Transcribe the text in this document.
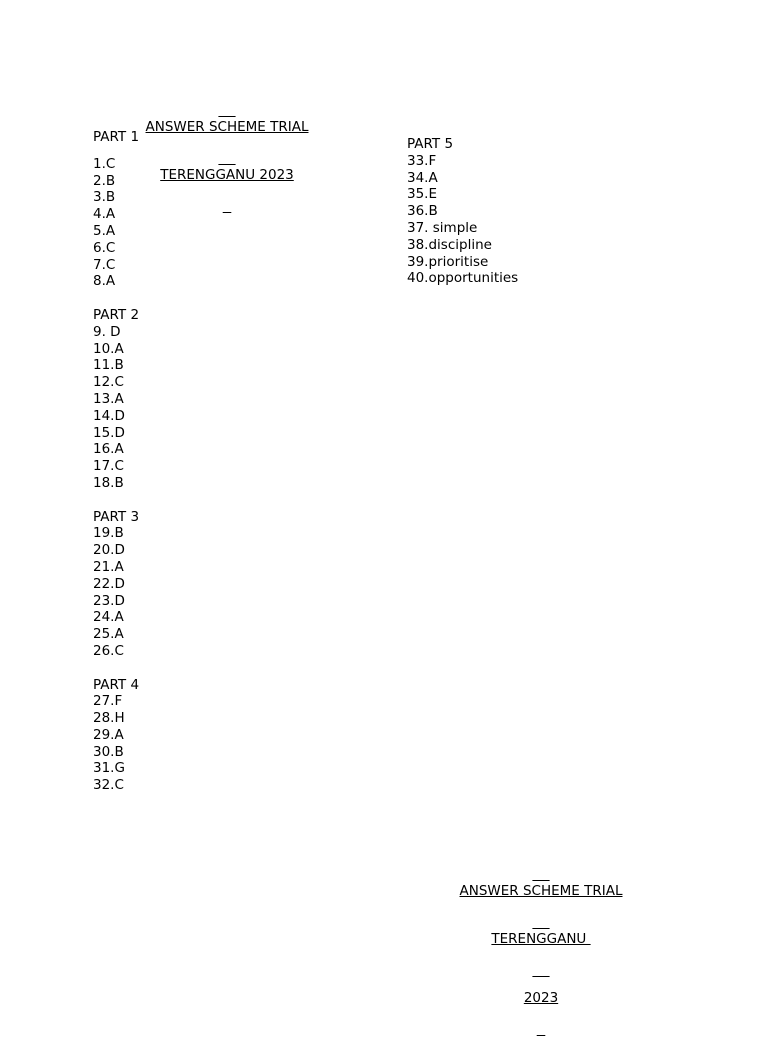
ANSWER SCHEME TRIAL

TERENGGANU 2023

PART 1
1.C
2.B
3.B
4.A
5.A
6.C
7.C
8.A
PART 2
9. D
10.A
11.B
12.C
13.A
14.D
15.D
16.A
17.C
18.B
PART 3
19.B
20.D
21.A
22.D
23.D
24.A
25.A
26.C
PART 4
27.F
28.H
29.A
30.B
31.G
32.C
PART 5
33.F
34.A
35.E
36.B
37. simple
38.discipline
39.prioritise
40.opportunities

ANSWER SCHEME TRIAL

TERENGGANU

2023
